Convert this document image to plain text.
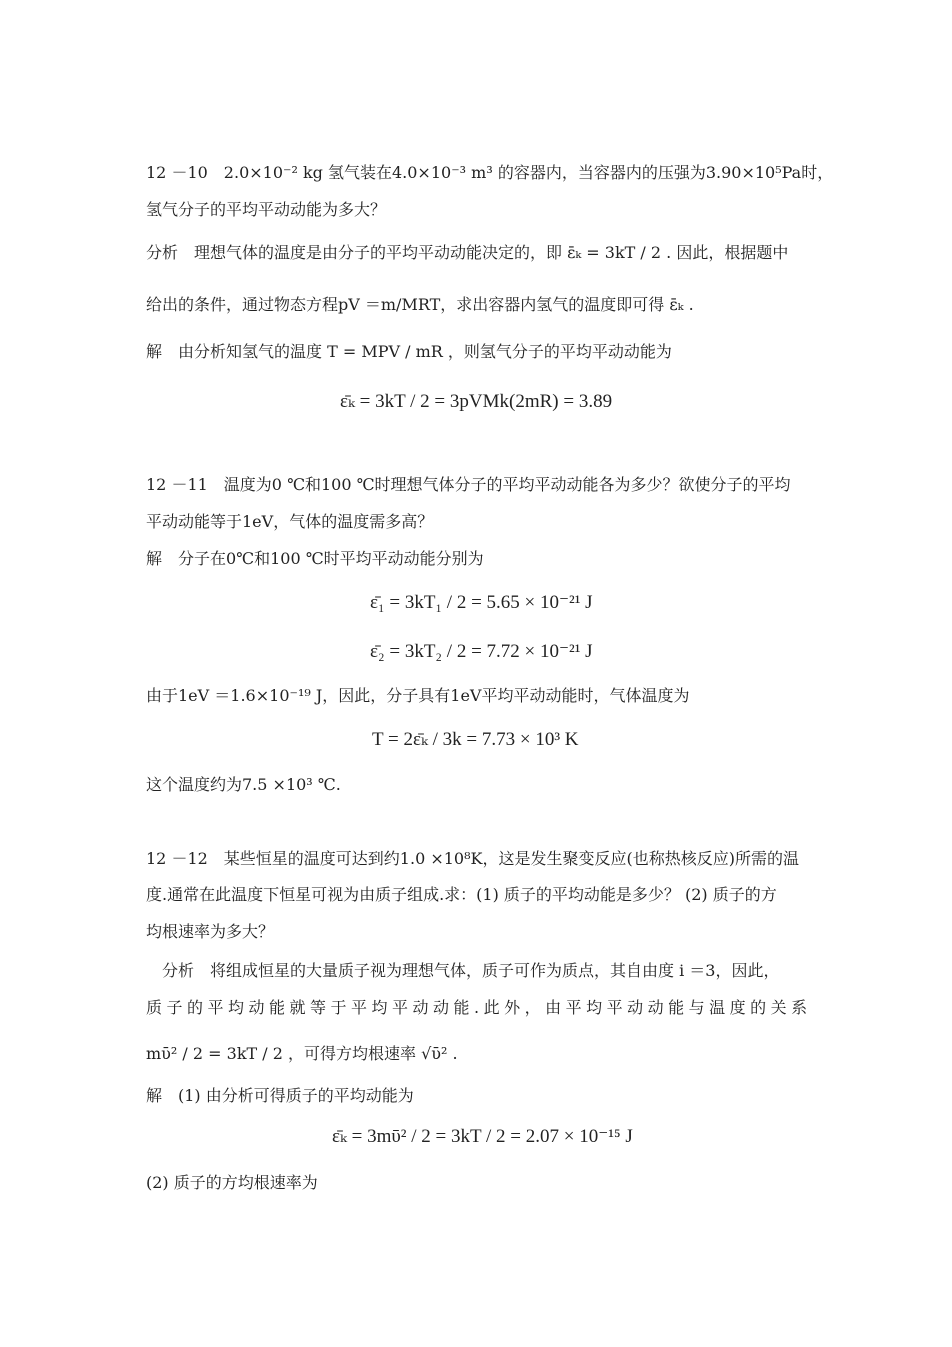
12 －10　2.0×10⁻² kg 氢气装在4.0×10⁻³ m³ 的容器内，当容器内的压强为3.90×10⁵Pa时，
氢气分子的平均平动动能为多大？
分析　理想气体的温度是由分子的平均平动动能决定的，即 ε̄ₖ = 3kT / 2 . 因此，根据题中
给出的条件，通过物态方程pV ＝m/MRT，求出容器内氢气的温度即可得 ε̄ₖ .
解　由分析知氢气的温度 T = MPV / mR ，则氢气分子的平均平动动能为
ε̄ₖ = 3kT / 2 = 3pVMk(2mR) = 3.89
12 －11　温度为0 ℃和100 ℃时理想气体分子的平均平动动能各为多少？欲使分子的平均
平动动能等于1eV，气体的温度需多高？
解　分子在0℃和100 ℃时平均平动动能分别为
ε̄₁ = 3kT₁ / 2 = 5.65 × 10⁻²¹ J
ε̄₂ = 3kT₂ / 2 = 7.72 × 10⁻²¹ J
由于1eV ＝1.6×10⁻¹⁹ J，因此，分子具有1eV平均平动动能时，气体温度为
T = 2ε̄ₖ / 3k = 7.73 × 10³ K
这个温度约为7.5 ×10³ ℃.
12 －12　某些恒星的温度可达到约1.0 ×10⁸K，这是发生聚变反应(也称热核反应)所需的温
度.通常在此温度下恒星可视为由质子组成.求：(1) 质子的平均动能是多少？ (2) 质子的方
均根速率为多大？
分析　将组成恒星的大量质子视为理想气体，质子可作为质点，其自由度 i ＝3，因此，
质子的平均动能就等于平均平动动能.此外，由平均平动动能与温度的关系
mῡ² / 2 = 3kT / 2 ，可得方均根速率 √ῡ² .
解　(1) 由分析可得质子的平均动能为
ε̄ₖ = 3mῡ² / 2 = 3kT / 2 = 2.07 × 10⁻¹⁵ J
(2) 质子的方均根速率为
